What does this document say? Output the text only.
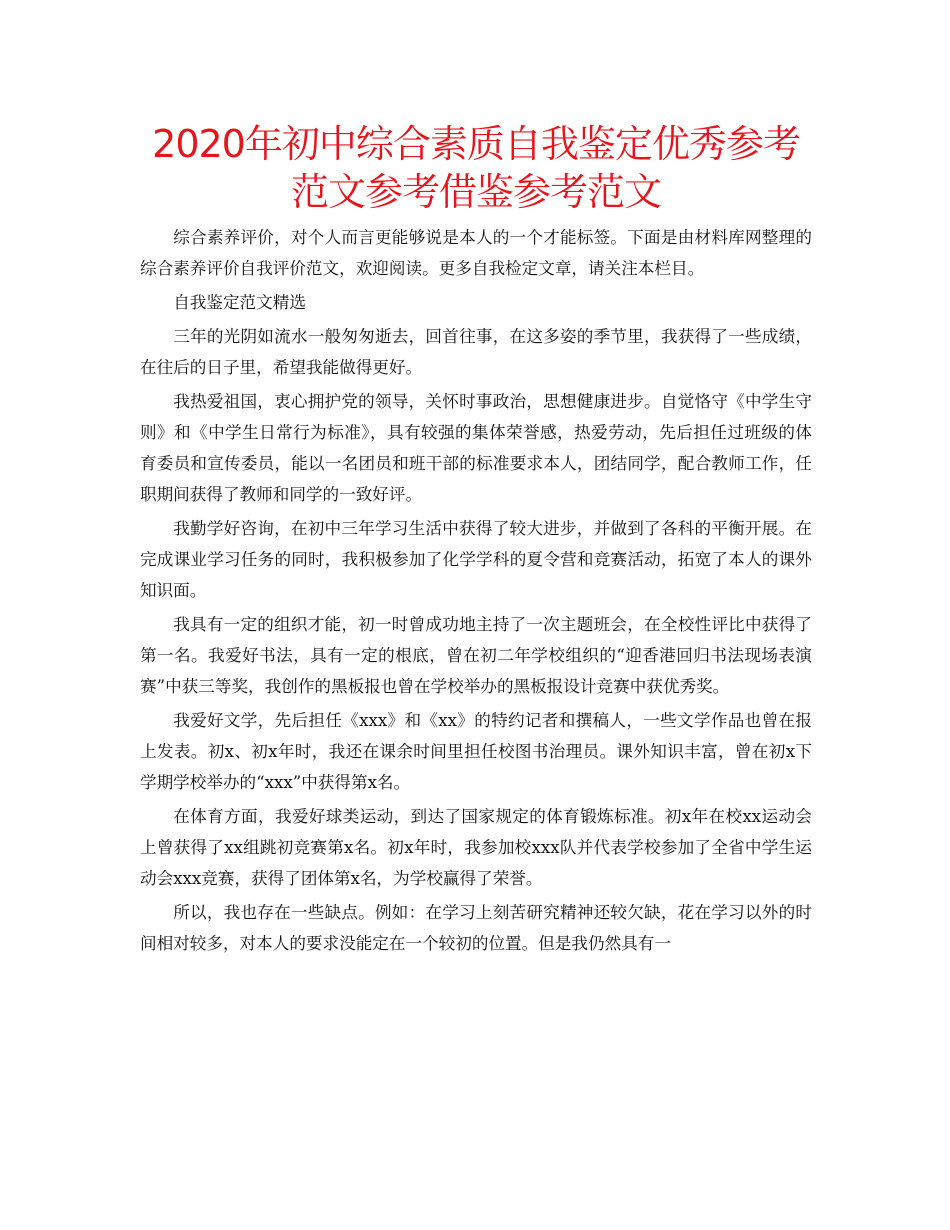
2020年初中综合素质自我鉴定优秀参考范文参考借鉴参考范文

综合素养评价，对个人而言更能够说是本人的一个才能标签。下面是由材料库网整理的综合素养评价自我评价范文，欢迎阅读。更多自我检定文章，请关注本栏目。

自我鉴定范文精选

三年的光阴如流水一般匆匆逝去，回首往事，在这多姿的季节里，我获得了一些成绩，在往后的日子里，希望我能做得更好。

我热爱祖国，衷心拥护党的领导，关怀时事政治，思想健康进步。自觉恪守《中学生守则》和《中学生日常行为标准》，具有较强的集体荣誉感，热爱劳动，先后担任过班级的体育委员和宣传委员，能以一名团员和班干部的标准要求本人，团结同学，配合教师工作，任职期间获得了教师和同学的一致好评。

我勤学好咨询，在初中三年学习生活中获得了较大进步，并做到了各科的平衡开展。在完成课业学习任务的同时，我积极参加了化学学科的夏令营和竞赛活动，拓宽了本人的课外知识面。

我具有一定的组织才能，初一时曾成功地主持了一次主题班会，在全校性评比中获得了第一名。我爱好书法，具有一定的根底，曾在初二年学校组织的“迎香港回归书法现场表演赛”中获三等奖，我创作的黑板报也曾在学校举办的黑板报设计竞赛中获优秀奖。

我爱好文学，先后担任《xxx》和《xx》的特约记者和撰稿人，一些文学作品也曾在报上发表。初x、初x年时，我还在课余时间里担任校图书治理员。课外知识丰富，曾在初x下学期学校举办的“xxx”中获得第x名。

在体育方面，我爱好球类运动，到达了国家规定的体育锻炼标准。初x年在校xx运动会上曾获得了xx组跳初竞赛第x名。初x年时，我参加校xxx队并代表学校参加了全省中学生运动会xxx竞赛，获得了团体第x名，为学校赢得了荣誉。

所以，我也存在一些缺点。例如：在学习上刻苦研究精神还较欠缺，花在学习以外的时间相对较多，对本人的要求没能定在一个较初的位置。但是我仍然具有一
